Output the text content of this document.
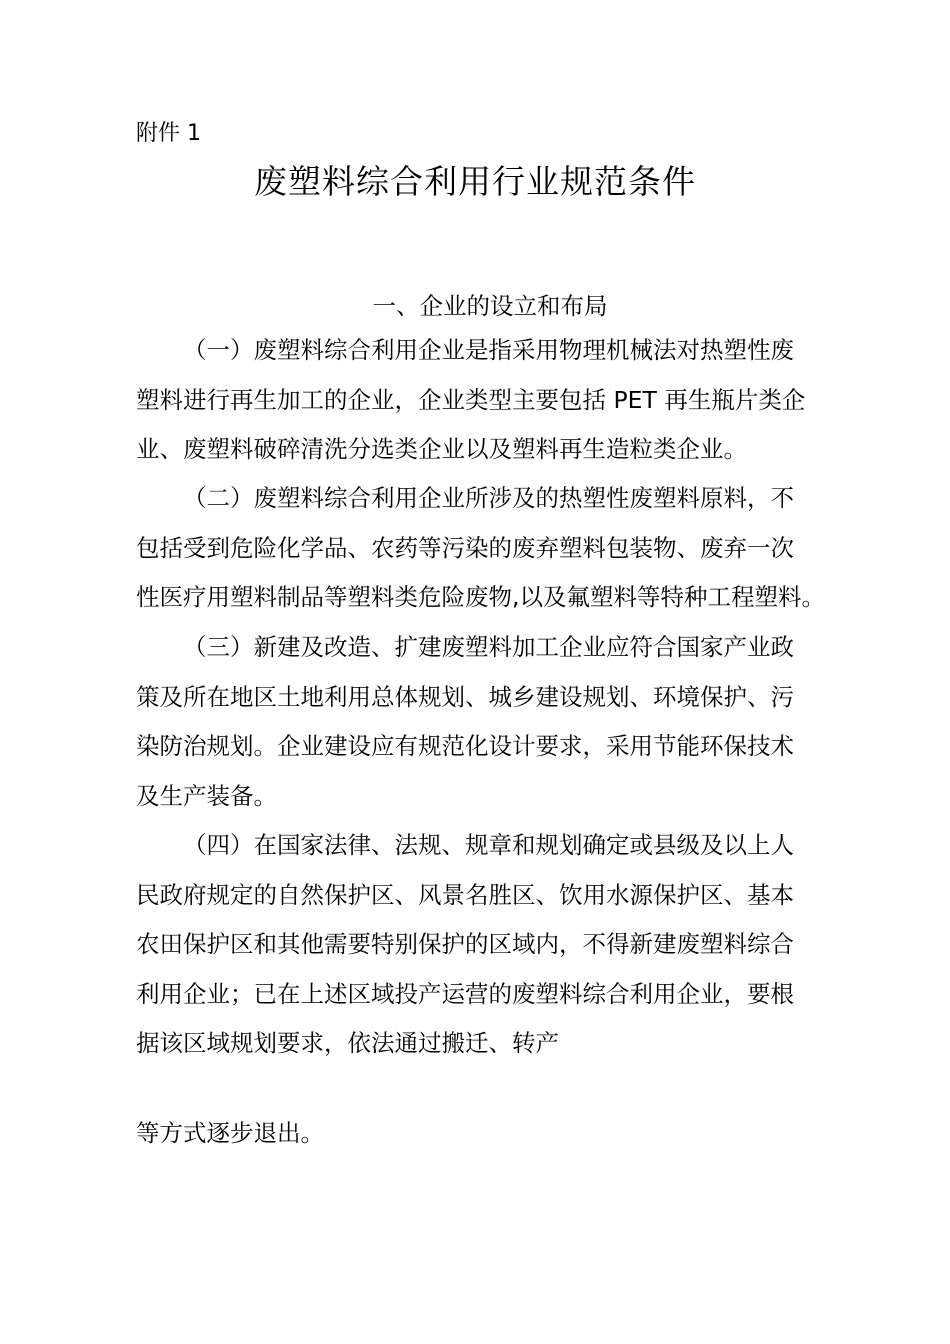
附件 1
废塑料综合利用行业规范条件
一、企业的设立和布局
（一）废塑料综合利用企业是指采用物理机械法对热塑性废
塑料进行再生加工的企业，企业类型主要包括 PET 再生瓶片类企
业、废塑料破碎清洗分选类企业以及塑料再生造粒类企业。
（二）废塑料综合利用企业所涉及的热塑性废塑料原料，不
包括受到危险化学品、农药等污染的废弃塑料包装物、废弃一次
性医疗用塑料制品等塑料类危险废物,以及氟塑料等特种工程塑料。
（三）新建及改造、扩建废塑料加工企业应符合国家产业政
策及所在地区土地利用总体规划、城乡建设规划、环境保护、污
染防治规划。企业建设应有规范化设计要求，采用节能环保技术
及生产装备。
（四）在国家法律、法规、规章和规划确定或县级及以上人
民政府规定的自然保护区、风景名胜区、饮用水源保护区、基本
农田保护区和其他需要特别保护的区域内，不得新建废塑料综合
利用企业；已在上述区域投产运营的废塑料综合利用企业，要根
据该区域规划要求，依法通过搬迁、转产
等方式逐步退出。
